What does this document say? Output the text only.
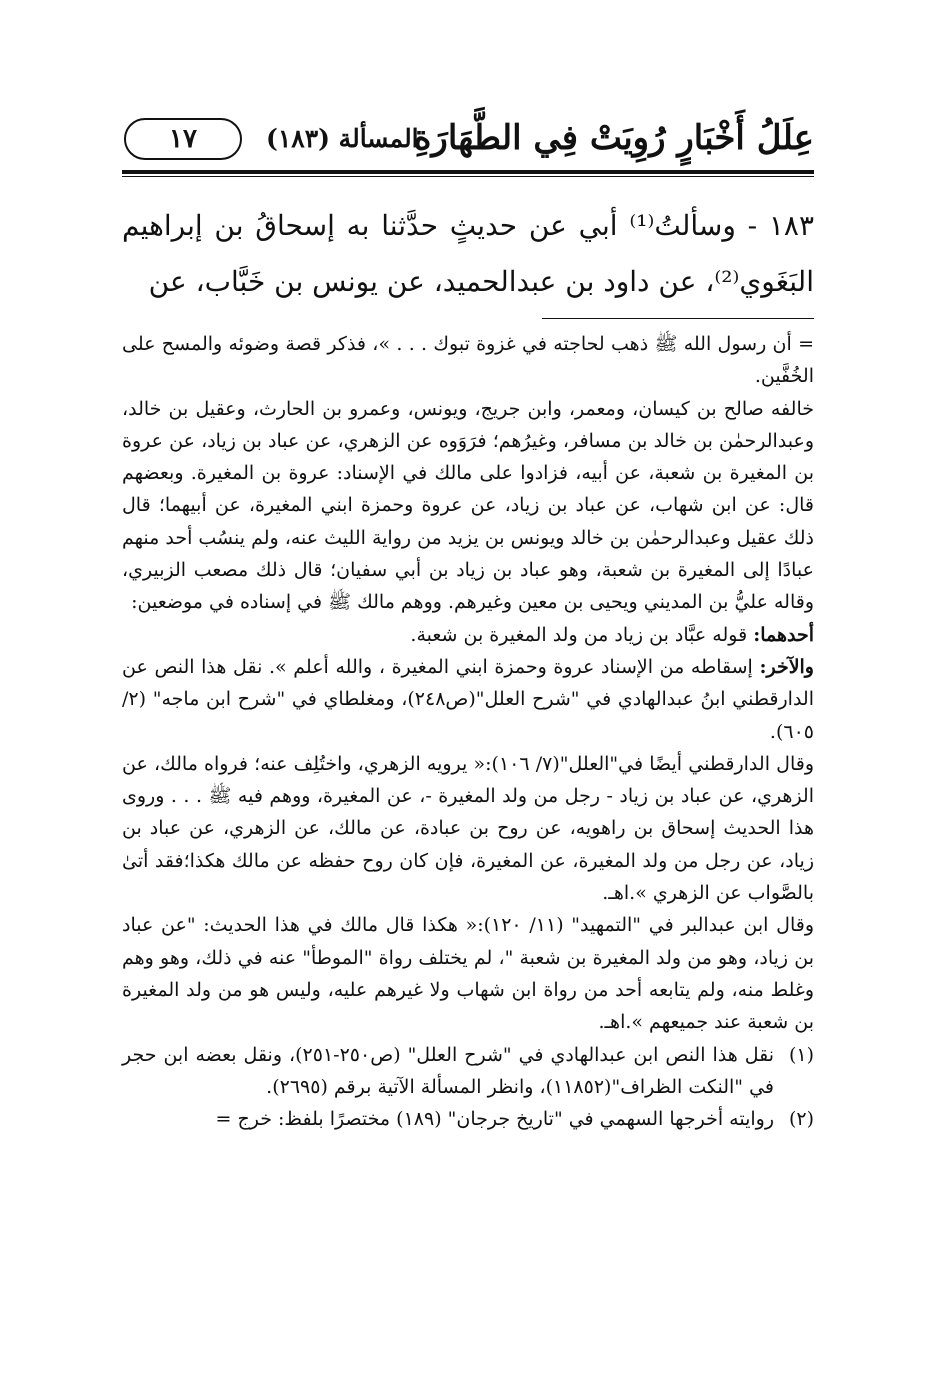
عِلَلُ أَخْبَارٍ رُوِيَتْ فِي الطَّهَارَةِ
المسألة (١٨٣)
١٧

١٨٣ - وسألتُ⁽¹⁾ أبي عن حديثٍ حدَّثنا به إسحاقُ بن إبراهيم البَغَوي⁽²⁾، عن داود بن عبدالحميد، عن يونس بن خَبَّاب، عن

= أن رسول الله ﷺ ذهب لحاجته في غزوة تبوك . . . »، فذكر قصة وضوئه والمسح على الخُفَّين.

خالفه صالح بن كيسان، ومعمر، وابن جريج، ويونس، وعمرو بن الحارث، وعقيل بن خالد، وعبدالرحمٰن بن خالد بن مسافر، وغيرُهم؛ فرَوَوه عن الزهري، عن عباد بن زياد، عن عروة بن المغيرة بن شعبة، عن أبيه، فزادوا على مالك في الإسناد: عروة بن المغيرة. وبعضهم قال: عن ابن شهاب، عن عباد بن زياد، عن عروة وحمزة ابني المغيرة، عن أبيهما؛ قال ذلك عقيل وعبدالرحمٰن بن خالد ويونس بن يزيد من رواية الليث عنه، ولم ينسُب أحد منهم عبادًا إلى المغيرة بن شعبة، وهو عباد بن زياد بن أبي سفيان؛ قال ذلك مصعب الزبيري، وقاله عليُّ بن المديني ويحيى بن معين وغيرهم. ووهم مالك ﷺ في إسناده في موضعين:

أحدهما: قوله عبَّاد بن زياد من ولد المغيرة بن شعبة.

والآخر: إسقاطه من الإسناد عروة وحمزة ابني المغيرة ، والله أعلم ». نقل هذا النص عن الدارقطني ابنُ عبدالهادي في "شرح العلل"(ص٢٤٨)، ومغلطاي في "شرح ابن ماجه" (٢/ ٦٠٥).

وقال الدارقطني أيضًا في"العلل"(٧/ ١٠٦):« يرويه الزهري، واختُلِف عنه؛ فرواه مالك، عن الزهري، عن عباد بن زياد - رجل من ولد المغيرة -، عن المغيرة، ووهم فيه ﷺ . . . وروى هذا الحديث إسحاق بن راهويه، عن روح بن عبادة، عن مالك، عن الزهري، عن عباد بن زياد، عن رجل من ولد المغيرة، عن المغيرة، فإن كان روح حفظه عن مالك هكذا؛فقد أتىٰ بالصَّواب عن الزهري ».اهـ.

وقال ابن عبدالبر في "التمهيد" (١١/ ١٢٠):« هكذا قال مالك في هذا الحديث: "عن عباد بن زياد، وهو من ولد المغيرة بن شعبة "، لم يختلف رواة "الموطأ" عنه في ذلك، وهو وهم وغلط منه، ولم يتابعه أحد من رواة ابن شهاب ولا غيرهم عليه، وليس هو من ولد المغيرة بن شعبة عند جميعهم ».اهـ.

(١)
نقل هذا النص ابن عبدالهادي في "شرح العلل" (ص٢٥٠-٢٥١)، ونقل بعضه ابن حجر في "النكت الظراف"(١١٨٥٢)، وانظر المسألة الآتية برقم (٢٦٩٥).
(٢)
روايته أخرجها السهمي في "تاريخ جرجان" (١٨٩) مختصرًا بلفظ: خرج =
